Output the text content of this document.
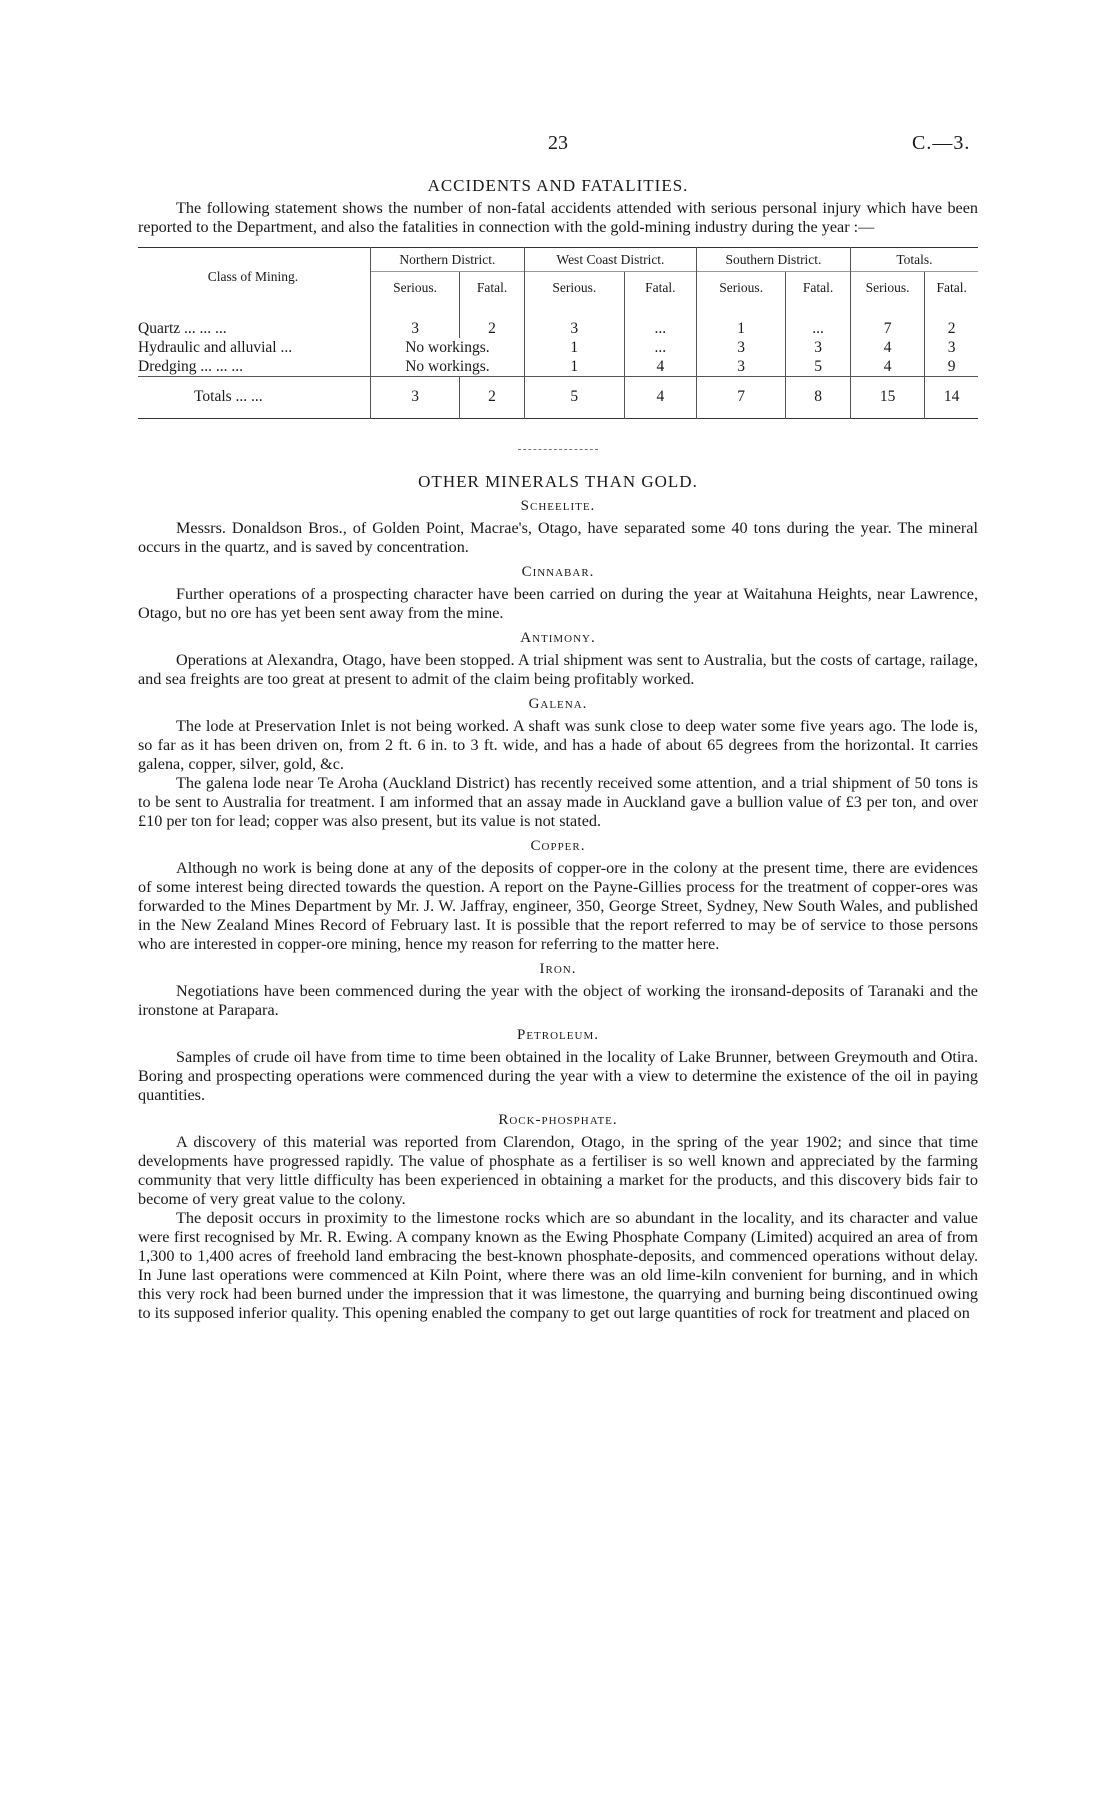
23	C.—3.
ACCIDENTS AND FATALITIES.

The following statement shows the number of non-fatal accidents attended with serious personal injury which have been reported to the Department, and also the fatalities in connection with the gold-mining industry during the year :—

Class of Mining.	Northern District.		West Coast District.		Southern District.		Totals.	
	Serious.	Fatal.	Serious.	Fatal.	Serious.	Fatal.	Serious.	Fatal.

Quartz ... ... ...	3	2	3	...	1	...	7	2
Hydraulic and alluvial ...	No workings.		1	...	3	3	4	3
Dredging ... ... ...	No workings.		1	4	3	5	4	9
Totals ... ...	3	2	5	4	7	8	15	14
OTHER MINERALS THAN GOLD.
Scheelite.

Messrs. Donaldson Bros., of Golden Point, Macrae's, Otago, have separated some 40 tons during the year. The mineral occurs in the quartz, and is saved by concentration.

Cinnabar.

Further operations of a prospecting character have been carried on during the year at Waitahuna Heights, near Lawrence, Otago, but no ore has yet been sent away from the mine.

Antimony.

Operations at Alexandra, Otago, have been stopped. A trial shipment was sent to Australia, but the costs of cartage, railage, and sea freights are too great at present to admit of the claim being profitably worked.

Galena.

The lode at Preservation Inlet is not being worked. A shaft was sunk close to deep water some five years ago. The lode is, so far as it has been driven on, from 2 ft. 6 in. to 3 ft. wide, and has a hade of about 65 degrees from the horizontal. It carries galena, copper, silver, gold, &c.

The galena lode near Te Aroha (Auckland District) has recently received some attention, and a trial shipment of 50 tons is to be sent to Australia for treatment. I am informed that an assay made in Auckland gave a bullion value of £3 per ton, and over £10 per ton for lead; copper was also present, but its value is not stated.

Copper.

Although no work is being done at any of the deposits of copper-ore in the colony at the present time, there are evidences of some interest being directed towards the question. A report on the Payne-Gillies process for the treatment of copper-ores was forwarded to the Mines Department by Mr. J. W. Jaffray, engineer, 350, George Street, Sydney, New South Wales, and published in the New Zealand Mines Record of February last. It is possible that the report referred to may be of service to those persons who are interested in copper-ore mining, hence my reason for referring to the matter here.

Iron.

Negotiations have been commenced during the year with the object of working the ironsand-deposits of Taranaki and the ironstone at Parapara.

Petroleum.

Samples of crude oil have from time to time been obtained in the locality of Lake Brunner, between Greymouth and Otira. Boring and prospecting operations were commenced during the year with a view to determine the existence of the oil in paying quantities.

Rock-phosphate.

A discovery of this material was reported from Clarendon, Otago, in the spring of the year 1902; and since that time developments have progressed rapidly. The value of phosphate as a fertiliser is so well known and appreciated by the farming community that very little difficulty has been experienced in obtaining a market for the products, and this discovery bids fair to become of very great value to the colony.

The deposit occurs in proximity to the limestone rocks which are so abundant in the locality, and its character and value were first recognised by Mr. R. Ewing. A company known as the Ewing Phosphate Company (Limited) acquired an area of from 1,300 to 1,400 acres of freehold land embracing the best-known phosphate-deposits, and commenced operations without delay. In June last operations were commenced at Kiln Point, where there was an old lime-kiln convenient for burning, and in which this very rock had been burned under the impression that it was limestone, the quarrying and burning being discontinued owing to its supposed inferior quality. This opening enabled the company to get out large quantities of rock for treatment and placed on
